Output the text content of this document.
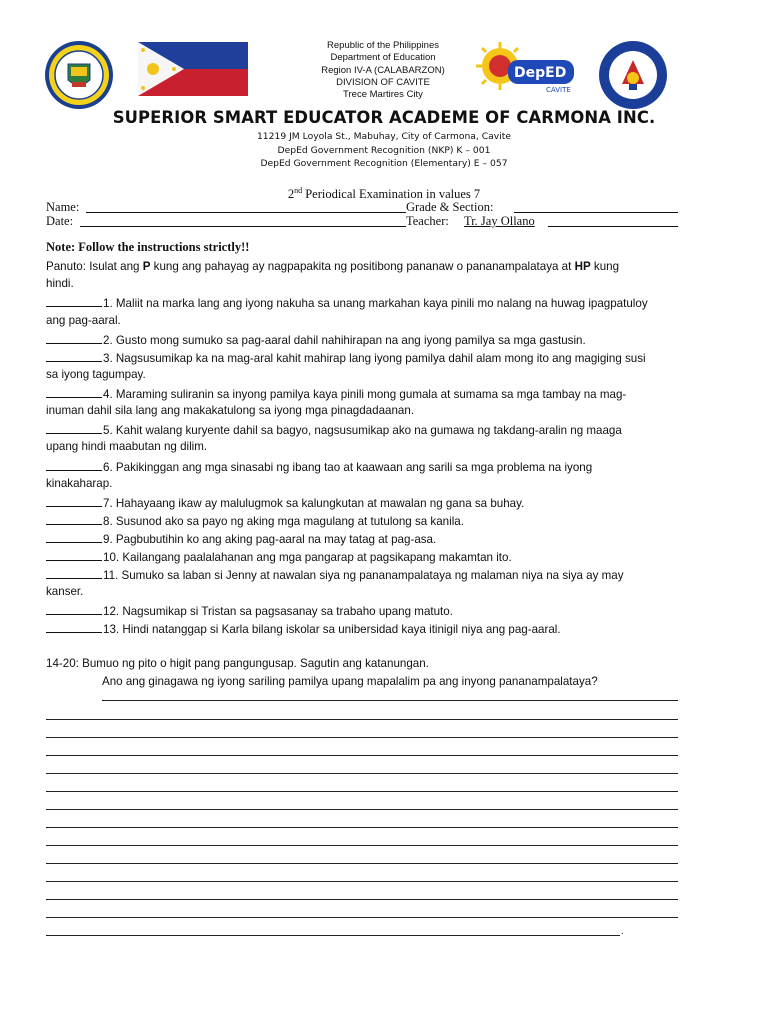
DepED
CAVITE
Republic of the Philippines
Department of Education
Region IV-A (CALABARZON)
DIVISION OF CAVITE
Trece Martires City
SUPERIOR SMART EDUCATOR ACADEME OF CARMONA INC.
11219 JM Loyola St., Mabuhay, City of Carmona, Cavite
DepEd Government Recognition (NKP) K – 001
DepEd Government Recognition (Elementary) E – 057
2nd Periodical Examination in values 7
Name:	Grade & Section:
Date:	Teacher: Tr. Jay Ollano
Note: Follow the instructions strictly!!
Panuto: Isulat ang P kung ang pahayag ay nagpapakita ng positibong pananaw o pananampalataya at HP kung
hindi.
1. Maliit na marka lang ang iyong nakuha sa unang markahan kaya pinili mo nalang na huwag ipagpatuloy
ang pag-aaral.
2. Gusto mong sumuko sa pag-aaral dahil nahihirapan na ang iyong pamilya sa mga gastusin.
3. Nagsusumikap ka na mag-aral kahit mahirap lang iyong pamilya dahil alam mong ito ang magiging susi
sa iyong tagumpay.
4. Maraming suliranin sa inyong pamilya kaya pinili mong gumala at sumama sa mga tambay na mag-
inuman dahil sila lang ang makakatulong sa iyong mga pinagdadaanan.
5. Kahit walang kuryente dahil sa bagyo, nagsusumikap ako na gumawa ng takdang-aralin ng maaga
upang hindi maabutan ng dilim.
6. Pakikinggan ang mga sinasabi ng ibang tao at kaawaan ang sarili sa mga problema na iyong
kinakaharap.
7. Hahayaang ikaw ay malulugmok sa kalungkutan at mawalan ng gana sa buhay.
8. Susunod ako sa payo ng aking mga magulang at tutulong sa kanila.
9. Pagbubutihin ko ang aking pag-aaral na may tatag at pag-asa.
10. Kailangang paalalahanan ang mga pangarap at pagsikapang makamtan ito.
11. Sumuko sa laban si Jenny at nawalan siya ng pananampalataya ng malaman niya na siya ay may
kanser.
12. Nagsumikap si Tristan sa pagsasanay sa trabaho upang matuto.
13. Hindi natanggap si Karla bilang iskolar sa unibersidad kaya itinigil niya ang pag-aaral.
14-20: Bumuo ng pito o higit pang pangungusap. Sagutin ang katanungan.
Ano ang ginagawa ng iyong sariling pamilya upang mapalalim pa ang inyong pananampalataya?
.
